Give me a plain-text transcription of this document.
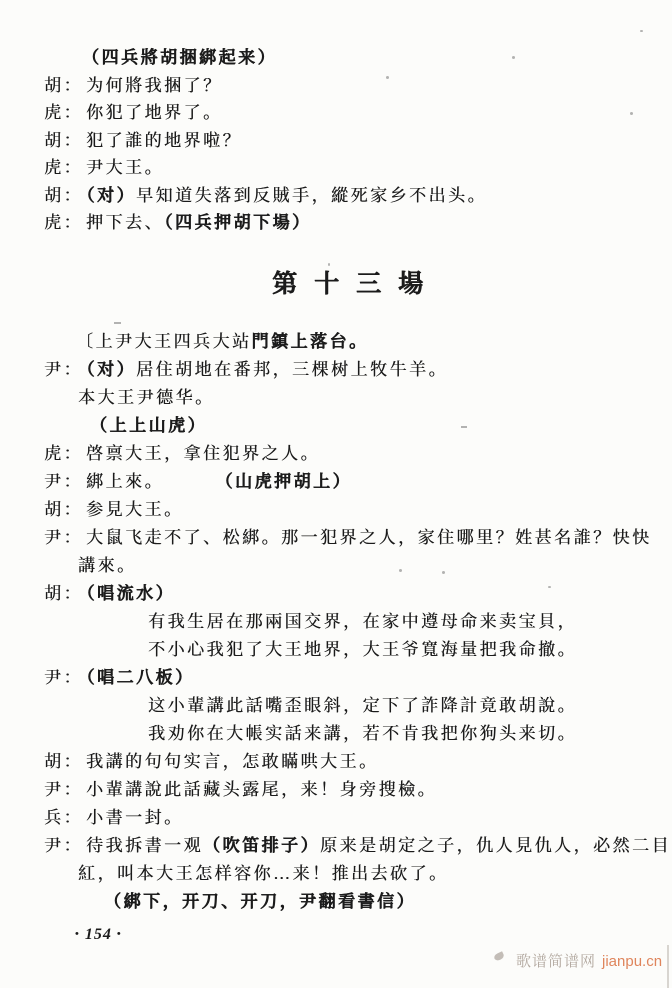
（四兵將胡捆綁起来）
胡： 为何將我捆了？
虎： 你犯了地界了。
胡： 犯了誰的地界啦？
虎： 尹大王。
胡： （对）早知道失落到反賊手，縱死家乡不出头。
虎： 押下去、（四兵押胡下場）
第十三場
〔上尹大王四兵大站門鎮上落台。
尹： （对）居住胡地在番邦，三棵树上牧牛羊。
本大王尹德华。
（上上山虎）
虎： 啓禀大王，拿住犯界之人。
尹： 綁上來。	（山虎押胡上）
胡： 参見大王。
尹： 大鼠飞走不了、松綁。那一犯界之人，家住哪里？姓甚名誰？快快
講來。
胡： （唱流水）
有我生居在那兩国交界，在家中遵母命来卖宝貝，
不小心我犯了大王地界，大王爷寬海量把我命撤。
尹： （唱二八板）
这小輩講此話嘴歪眼斜，定下了詐降計竟敢胡說。
我劝你在大帳实話来講，若不肯我把你狗头来切。
胡： 我講的句句实言，怎敢瞞哄大王。
尹： 小輩講說此話藏头露尾，来！身旁搜檢。
兵： 小書一封。
尹： 待我拆書一观（吹笛排子）原来是胡定之子，仇人見仇人，必然二目
紅，叫本大王怎样容你…来！推出去砍了。
（綁下，开刀、开刀，尹翻看書信）
• 154 •
歌谱简谱网 jianpu.cn
